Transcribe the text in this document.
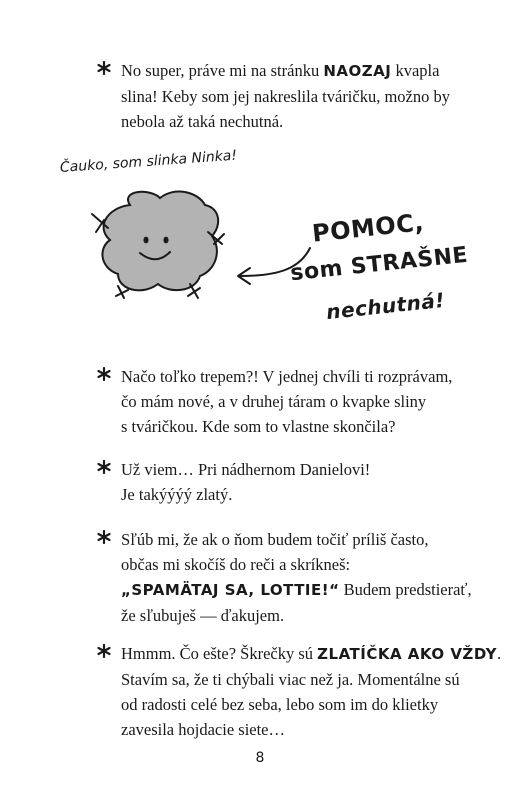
No super, práve mi na stránku NAOZAJ kvapla
slina! Keby som jej nakreslila tváričku, možno by
nebola až taká nechutná.
Čauko, som slinka Ninka!
POMOC,
som STRAŠNE
nechutná!
Načo toľko trepem?! V jednej chvíli ti rozprávam,
čo mám nové, a v druhej táram o kvapke sliny
s tváričkou. Kde som to vlastne skončila?
Už viem… Pri nádhernom Danielovi!
Je takýýýý zlatý.
Sľúb mi, že ak o ňom budem točiť príliš často,
občas mi skočíš do reči a skríkneš:
„SPAMÄTAJ SA, LOTTIE!“ Budem predstierať,
že sľubuješ — ďakujem.
Hmmm. Čo ešte? Škrečky sú ZLATÍČKA AKO VŽDY.
Stavím sa, že ti chýbali viac než ja. Momentálne sú
od radosti celé bez seba, lebo som im do klietky
zavesila hojdacie siete…
8
